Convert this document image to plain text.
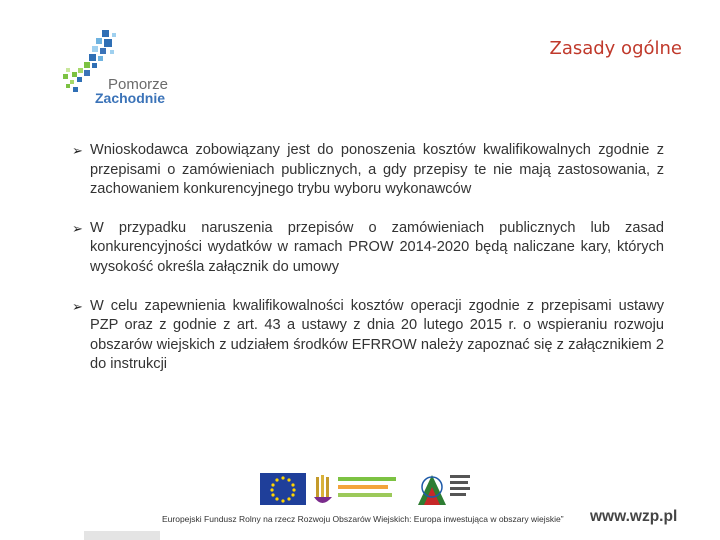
Pomorze
Zachodnie
Zasady ogólne
➢ Wnioskodawca zobowiązany jest do ponoszenia kosztów kwalifikowalnych zgodnie z przepisami o zamówieniach publicznych, a gdy przepisy te nie mają zastosowania, z zachowaniem konkurencyjnego trybu wyboru wykonawców
➢ W przypadku naruszenia przepisów o zamówieniach publicznych lub zasad konkurencyjności wydatków w ramach PROW 2014-2020 będą naliczane kary, których wysokość określa załącznik do umowy
➢ W celu zapewnienia kwalifikowalności kosztów operacji zgodnie z przepisami ustawy PZP oraz z godnie z art. 43 a ustawy z dnia 20 lutego 2015 r. o wspieraniu rozwoju obszarów wiejskich z udziałem środków EFRROW należy zapoznać się z załącznikiem 2 do instrukcji
Europejski Fundusz Rolny na rzecz Rozwoju Obszarów Wiejskich: Europa inwestująca w obszary wiejskie” www.wzp.pl
